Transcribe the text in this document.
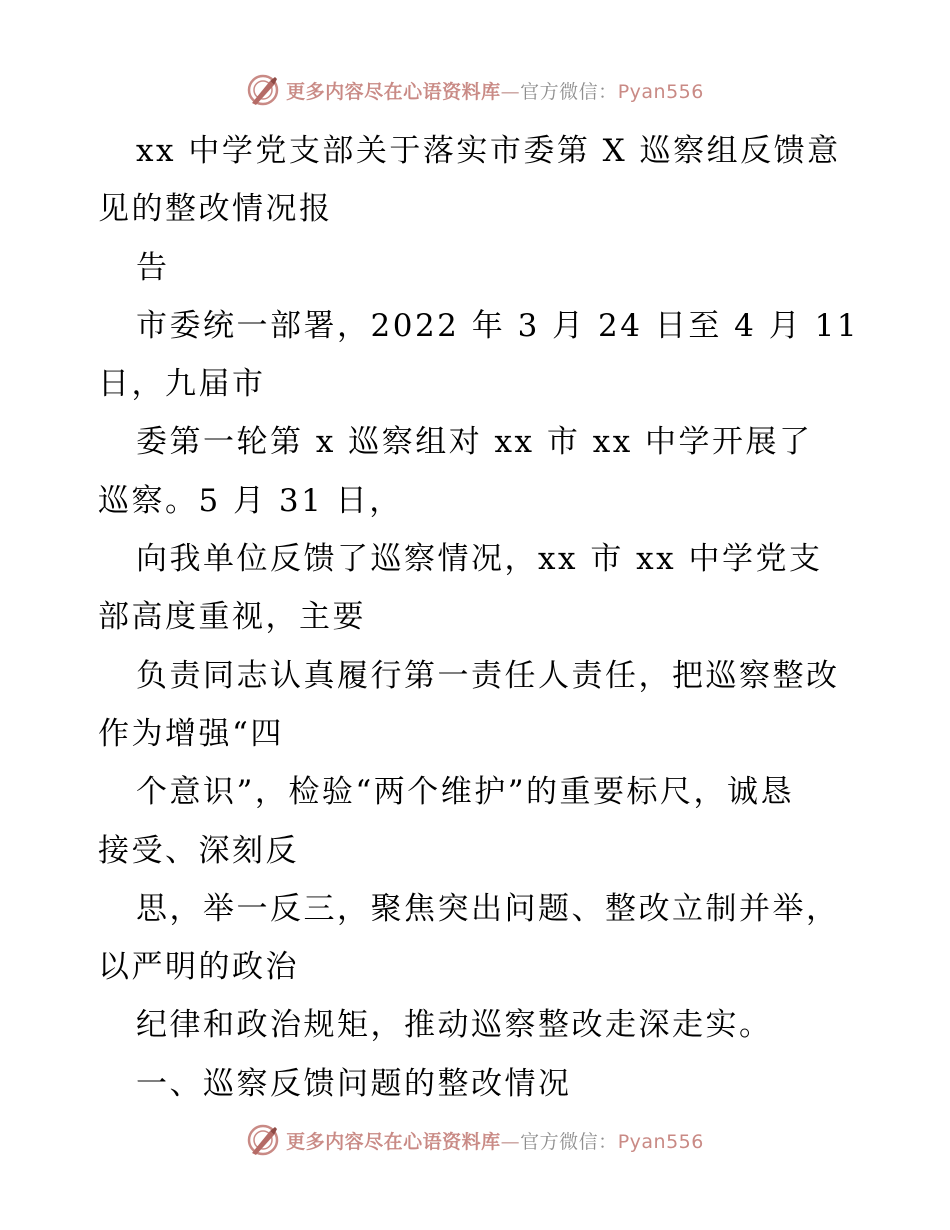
更多内容尽在心语资料库—官方微信：Pyan556
xx 中学党支部关于落实市委第 X 巡察组反馈意
见的整改情况报
告
市委统一部署，2022 年 3 月 24 日至 4 月 11
日，九届市
委第一轮第 x 巡察组对 xx 市 xx 中学开展了
巡察。5 月 31 日，
向我单位反馈了巡察情况，xx 市 xx 中学党支
部高度重视，主要
负责同志认真履行第一责任人责任，把巡察整改
作为增强“四
个意识”，检验“两个维护”的重要标尺，诚恳
接受、深刻反
思，举一反三，聚焦突出问题、整改立制并举，
以严明的政治
纪律和政治规矩，推动巡察整改走深走实。
一、巡察反馈问题的整改情况
更多内容尽在心语资料库—官方微信：Pyan556
